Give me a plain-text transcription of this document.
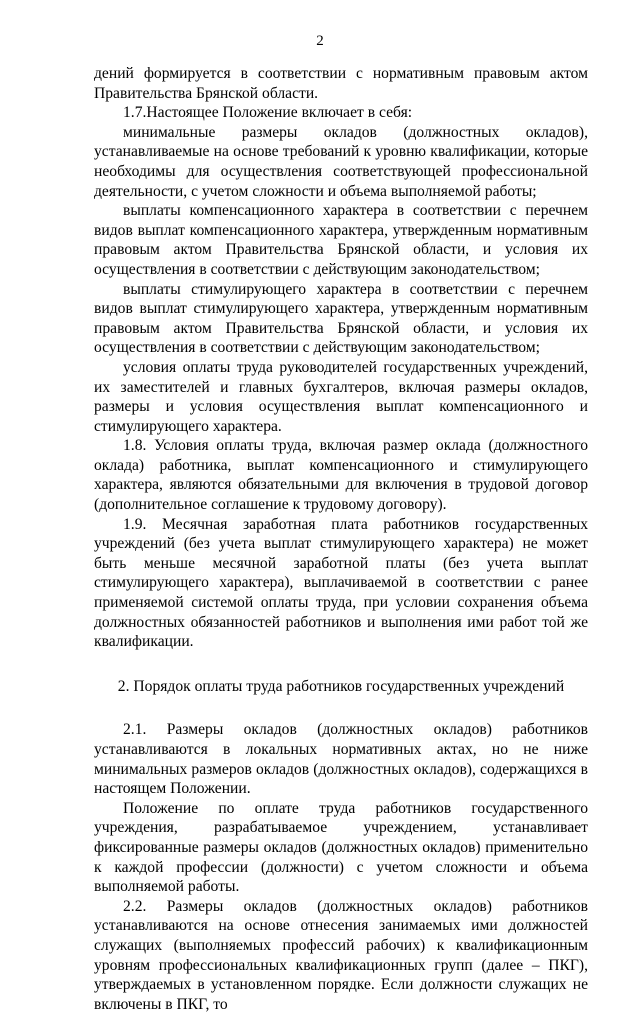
2

дений формируется в соответствии с нормативным правовым актом Правительства Брянской области.

1.7.Настоящее Положение включает в себя:

минимальные размеры окладов (должностных окладов), устанавливаемые на основе требований к уровню квалификации, которые необходимы для осуществления соответствующей профессиональной деятельности, с учетом сложности и объема выполняемой работы;

выплаты компенсационного характера в соответствии с перечнем видов выплат компенсационного характера, утвержденным нормативным правовым актом Правительства Брянской области, и условия их осуществления в соответствии с действующим законодательством;

выплаты стимулирующего характера в соответствии с перечнем видов выплат стимулирующего характера, утвержденным нормативным правовым актом Правительства Брянской области, и условия их осуществления в соответствии с действующим законодательством;

условия оплаты труда руководителей государственных учреждений, их заместителей и главных бухгалтеров, включая размеры окладов, размеры и условия осуществления выплат компенсационного и стимулирующего характера.

1.8. Условия оплаты труда, включая размер оклада (должностного оклада) работника, выплат компенсационного и стимулирующего характера, являются обязательными для включения в трудовой договор (дополнительное соглашение к трудовому договору).

1.9. Месячная заработная плата работников государственных учреждений (без учета выплат стимулирующего характера) не может быть меньше месячной заработной платы (без учета выплат стимулирующего характера), выплачиваемой в соответствии с ранее применяемой системой оплаты труда, при условии сохранения объема должностных обязанностей работников и выполнения ими работ той же квалификации.

2. Порядок оплаты труда работников государственных учреждений

2.1. Размеры окладов (должностных окладов) работников устанавливаются в локальных нормативных актах, но не ниже минимальных размеров окладов (должностных окладов), содержащихся в настоящем Положении.

Положение по оплате труда работников государственного учреждения, разрабатываемое учреждением, устанавливает фиксированные размеры окладов (должностных окладов) применительно к каждой профессии (должности) с учетом сложности и объема выполняемой работы.

2.2. Размеры окладов (должностных окладов) работников устанавливаются на основе отнесения занимаемых ими должностей служащих (выполняемых профессий рабочих) к квалификационным уровням профессиональных квалификационных групп (далее – ПКГ), утверждаемых в установленном порядке. Если должности служащих не включены в ПКГ, то
